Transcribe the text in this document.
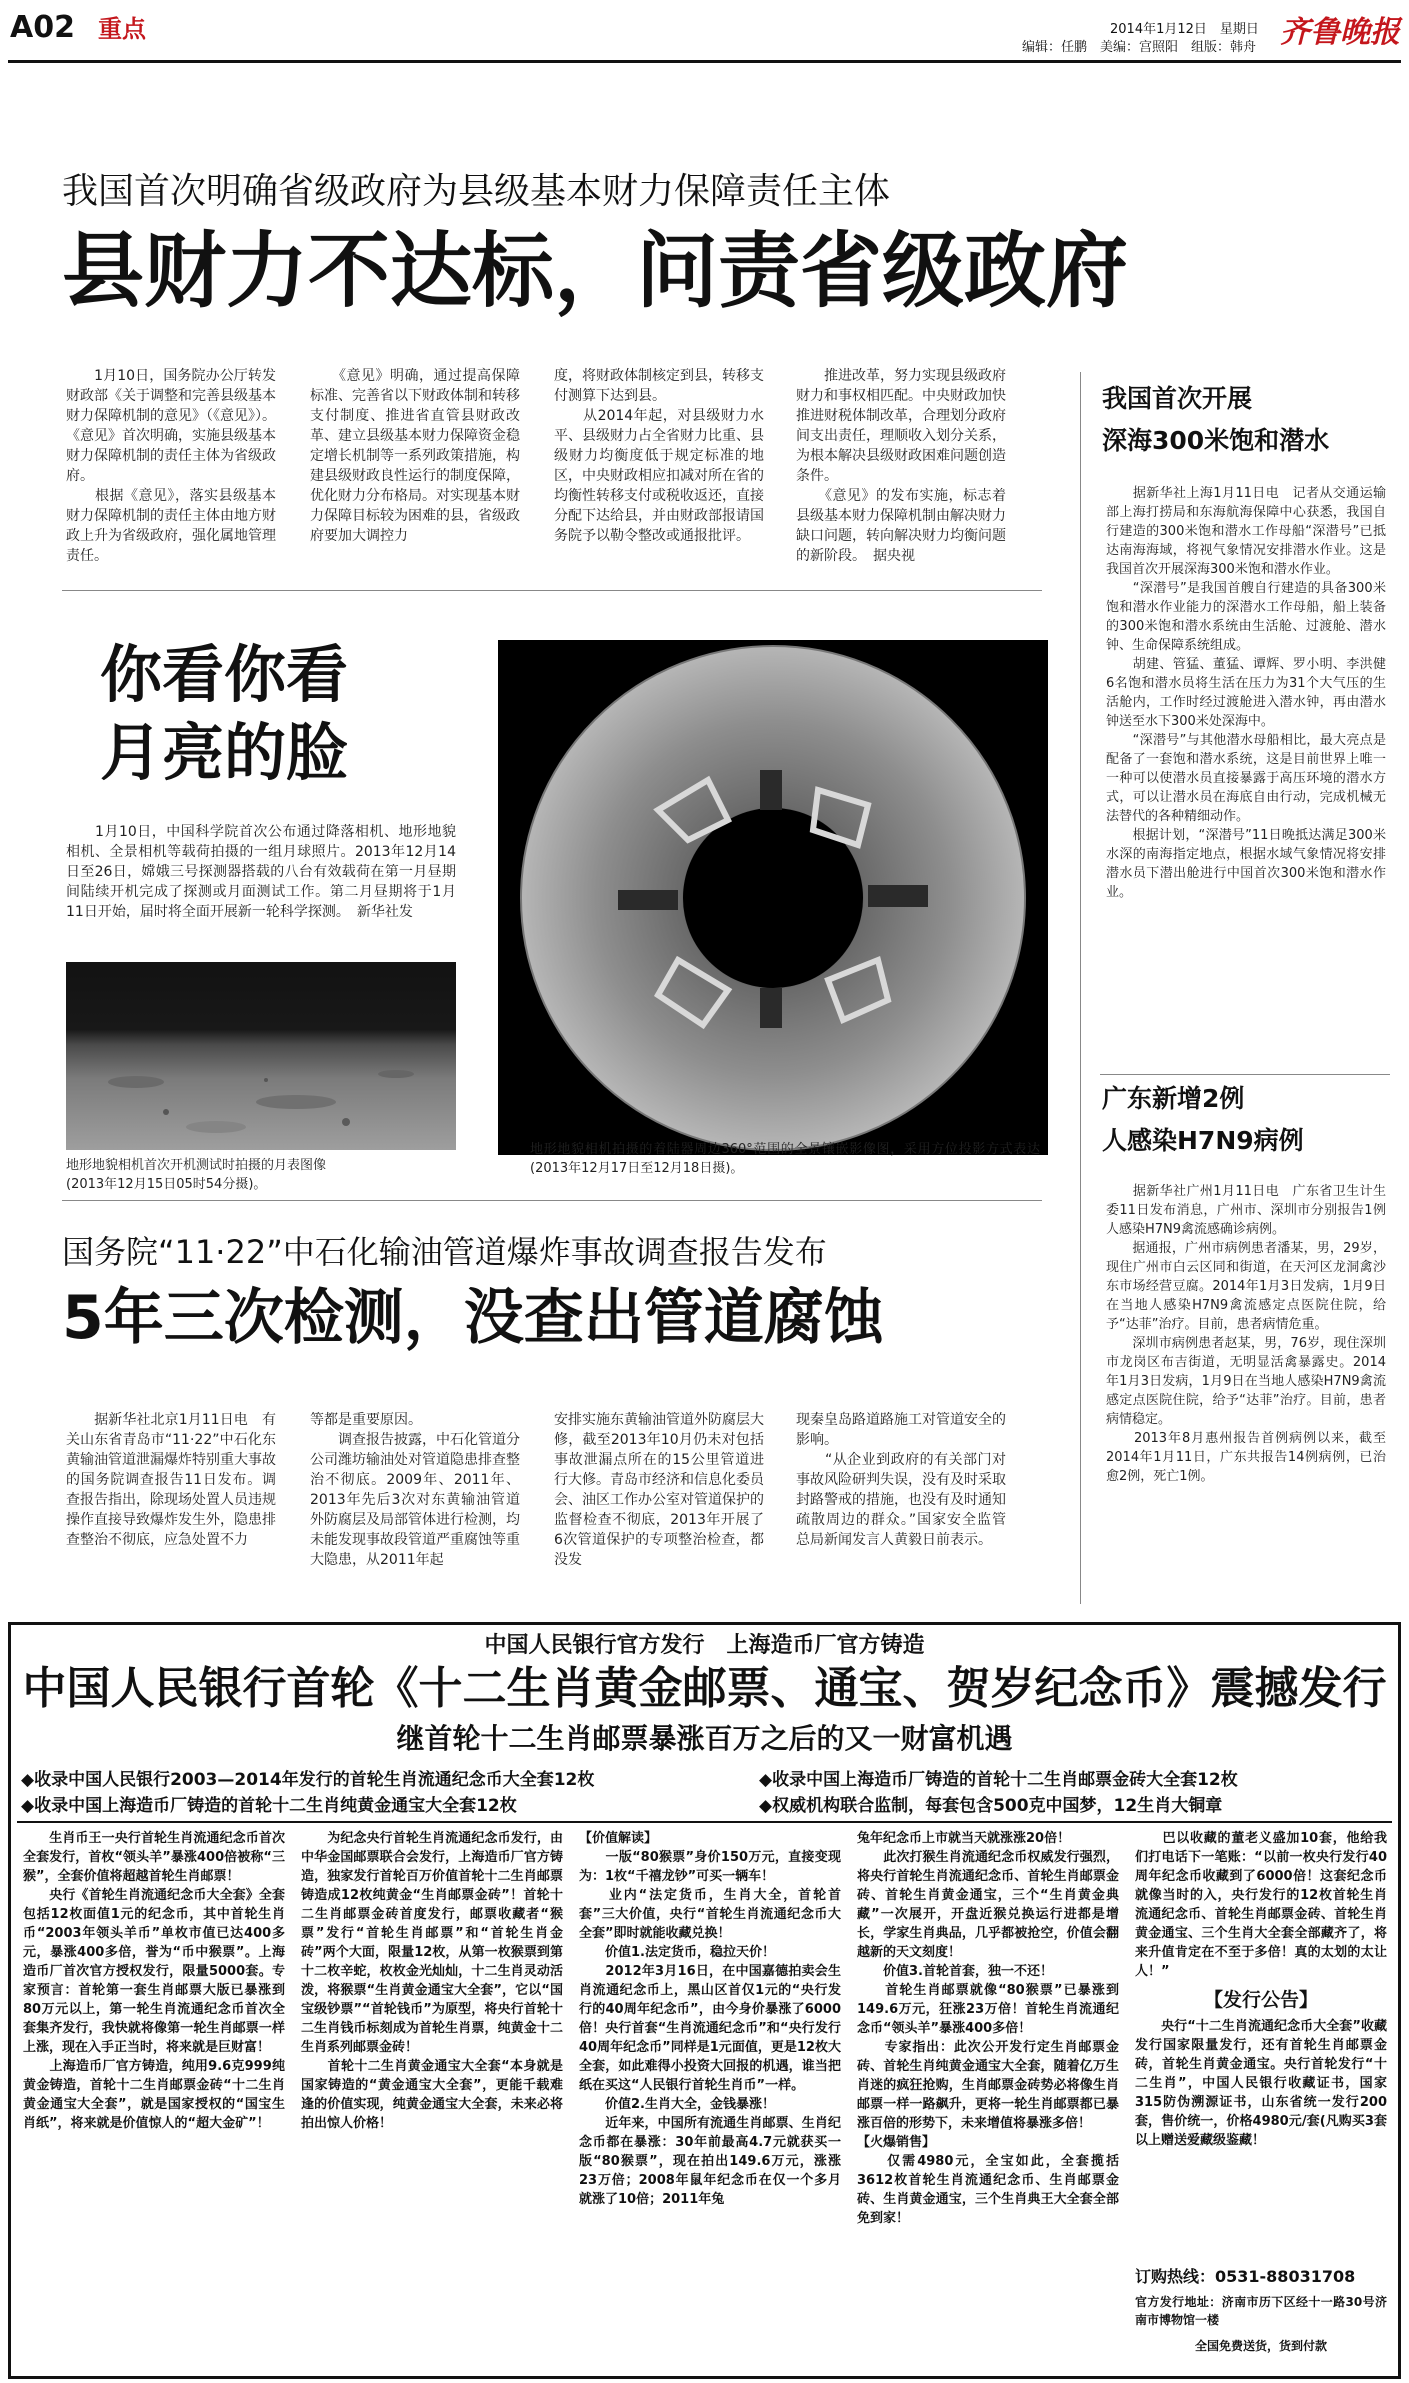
A02 重点	2014年1月12日　星期日
编辑：任鹏　美编：宫照阳　组版：韩舟 齐鲁晚报
我国首次明确省级政府为县级基本财力保障责任主体
县财力不达标，问责省级政府
　　1月10日，国务院办公厅转发财政部《关于调整和完善县级基本财力保障机制的意见》（《意见》）。《意见》首次明确，实施县级基本财力保障机制的责任主体为省级政府。
　　根据《意见》，落实县级基本财力保障机制的责任主体由地方财政上升为省级政府，强化属地管理责任。
　　《意见》明确，通过提高保障标准、完善省以下财政体制和转移支付制度、推进省直管县财政改革、建立县级基本财力保障资金稳定增长机制等一系列政策措施，构建县级财政良性运行的制度保障，优化财力分布格局。对实现基本财力保障目标较为困难的县，省级政府要加大调控力
度，将财政体制核定到县，转移支付测算下达到县。
　　从2014年起，对县级财力水平、县级财力占全省财力比重、县级财力均衡度低于规定标准的地区，中央财政相应扣减对所在省的均衡性转移支付或税收返还，直接分配下达给县，并由财政部报请国务院予以勒令整改或通报批评。
　　推进改革，努力实现县级政府财力和事权相匹配。中央财政加快推进财税体制改革，合理划分政府间支出责任，理顺收入划分关系，为根本解决县级财政困难问题创造条件。
　　《意见》的发布实施，标志着县级基本财力保障机制由解决财力缺口问题，转向解决财力均衡问题的新阶段。　据央视
你看你看
月亮的脸
　　1月10日，中国科学院首次公布通过降落相机、地形地貌相机、全景相机等载荷拍摄的一组月球照片。2013年12月14日至26日，嫦娥三号探测器搭载的八台有效载荷在第一月昼期间陆续开机完成了探测或月面测试工作。第二月昼期将于1月11日开始，届时将全面开展新一轮科学探测。　新华社发
地形地貌相机首次开机测试时拍摄的月表图像
(2013年12月15日05时54分摄)。
地形地貌相机拍摄的着陆器周边360°范围的全景镶嵌影像图，采用方位投影方式表达(2013年12月17日至12月18日摄)。
国务院“11·22”中石化输油管道爆炸事故调查报告发布
5年三次检测，没查出管道腐蚀
　　据新华社北京1月11日电　有关山东省青岛市“11·22”中石化东黄输油管道泄漏爆炸特别重大事故的国务院调查报告11日发布。调查报告指出，除现场处置人员违规操作直接导致爆炸发生外，隐患排查整治不彻底，应急处置不力
等都是重要原因。
　　调查报告披露，中石化管道分公司潍坊输油处对管道隐患排查整治不彻底。2009年、2011年、2013年先后3次对东黄输油管道外防腐层及局部管体进行检测，均未能发现事故段管道严重腐蚀等重大隐患，从2011年起
安排实施东黄输油管道外防腐层大修，截至2013年10月仍未对包括事故泄漏点所在的15公里管道进行大修。青岛市经济和信息化委员会、油区工作办公室对管道保护的监督检查不彻底，2013年开展了6次管道保护的专项整治检查，都没发
现秦皇岛路道路施工对管道安全的影响。
　　“从企业到政府的有关部门对事故风险研判失误，没有及时采取封路警戒的措施，也没有及时通知疏散周边的群众。”国家安全监管总局新闻发言人黄毅日前表示。
我国首次开展
深海300米饱和潜水
　　据新华社上海1月11日电　记者从交通运输部上海打捞局和东海航海保障中心获悉，我国自行建造的300米饱和潜水工作母船“深潜号”已抵达南海海域，将视气象情况安排潜水作业。这是我国首次开展深海300米饱和潜水作业。
　　“深潜号”是我国首艘自行建造的具备300米饱和潜水作业能力的深潜水工作母船，船上装备的300米饱和潜水系统由生活舱、过渡舱、潜水钟、生命保障系统组成。
　　胡建、管猛、董猛、谭辉、罗小明、李洪健6名饱和潜水员将生活在压力为31个大气压的生活舱内，工作时经过渡舱进入潜水钟，再由潜水钟送至水下300米处深海中。
　　“深潜号”与其他潜水母船相比，最大亮点是配备了一套饱和潜水系统，这是目前世界上唯一一种可以使潜水员直接暴露于高压环境的潜水方式，可以让潜水员在海底自由行动，完成机械无法替代的各种精细动作。
　　根据计划，“深潜号”11日晚抵达满足300米水深的南海指定地点，根据水域气象情况将安排潜水员下潜出舱进行中国首次300米饱和潜水作业。
广东新增2例
人感染H7N9病例
　　据新华社广州1月11日电　广东省卫生计生委11日发布消息，广州市、深圳市分别报告1例人感染H7N9禽流感确诊病例。
　　据通报，广州市病例患者潘某，男，29岁，现住广州市白云区同和街道，在天河区龙洞禽沙东市场经营豆腐。2014年1月3日发病，1月9日在当地人感染H7N9禽流感定点医院住院，给予“达菲”治疗。目前，患者病情危重。
　　深圳市病例患者赵某，男，76岁，现住深圳市龙岗区布吉街道，无明显活禽暴露史。2014年1月3日发病，1月9日在当地人感染H7N9禽流感定点医院住院，给予“达菲”治疗。目前，患者病情稳定。
　　2013年8月惠州报告首例病例以来，截至2014年1月11日，广东共报告14例病例，已治愈2例，死亡1例。
中国人民银行官方发行　上海造币厂官方铸造
中国人民银行首轮《十二生肖黄金邮票、通宝、贺岁纪念币》震撼发行
继首轮十二生肖邮票暴涨百万之后的又一财富机遇
◆收录中国人民银行2003—2014年发行的首轮生肖流通纪念币大全套12枚	◆收录中国上海造币厂铸造的首轮十二生肖邮票金砖大全套12枚
◆收录中国上海造币厂铸造的首轮十二生肖纯黄金通宝大全套12枚	◆权威机构联合监制，每套包含500克中国梦，12生肖大铜章
　　生肖币王一央行首轮生肖流通纪念币首次全套发行，首枚“领头羊”暴涨400倍被称“三猴”，全套价值将超越首轮生肖邮票！
　　央行《首轮生肖流通纪念币大全套》全套包括12枚面值1元的纪念币，其中首轮生肖币“2003年领头羊币”单枚市值已达400多元，暴涨400多倍，誉为“币中猴票”。上海造币厂首次官方授权发行，限量5000套。专家预言：首轮第一套生肖邮票大版已暴涨到80万元以上，第一轮生肖流通纪念币首次全套集齐发行，我快就将像第一轮生肖邮票一样上涨，现在入手正当时，将来就是巨财富！
　　上海造币厂官方铸造，纯用9.6克999纯黄金铸造，首轮十二生肖邮票金砖“十二生肖黄金通宝大全套”，就是国家授权的“国宝生肖纸”，将来就是价值惊人的“超大金矿”！
　　为纪念央行首轮生肖流通纪念币发行，由中华金国邮票联合会发行，上海造币厂官方铸造，独家发行首轮百万价值首轮十二生肖邮票铸造成12枚纯黄金“生肖邮票金砖”！首轮十二生肖邮票金砖首度发行，邮票收藏者“猴票”发行“首轮生肖邮票”和“首轮生肖金砖”两个大面，限量12枚，从第一枚猴票到第十二枚辛蛇，枚枚金光灿灿，十二生肖灵动活泼，将猴票“生肖黄金通宝大全套”，它以“国宝级钞票”“首轮钱币”为原型，将央行首轮十二生肖钱币标刻成为首轮生肖票，纯黄金十二生肖系列邮票金砖！
　　首轮十二生肖黄金通宝大全套“本身就是国家铸造的“黄金通宝大全套”，更能千载难逢的价值实现，纯黄金通宝大全套，未来必将拍出惊人价格！
【价值解读】
　　一版“80猴票”身价150万元，直接变现为：1枚“千禧龙钞”可买一辆车！
　　业内“法定货币，生肖大全，首轮首套”三大价值，央行“首轮生肖流通纪念币大全套”即时就能收藏兑换！
　　价值1.法定货币，稳拉天价！
　　2012年3月16日，在中国嘉德拍卖会生肖流通纪念币上，黑山区首仅1元的“央行发行的40周年纪念币”，由今身价暴涨了6000倍！央行首套“生肖流通纪念币”和“央行发行40周年纪念币”同样是1元面值，更是12枚大全套，如此难得小投资大回报的机遇，谁当把纸在买这“人民银行首轮生肖币”一样。
　　价值2.生肖大全，金钱暴涨！
　　近年来，中国所有流通生肖邮票、生肖纪念币都在暴涨：30年前最高4.7元就获买一版“80猴票”，现在拍出149.6万元，涨涨23万倍；2008年鼠年纪念币在仅一个多月就涨了10倍；2011年兔
兔年纪念币上市就当天就涨涨20倍！
　　此次打猴生肖流通纪念币权威发行强烈，将央行首轮生肖流通纪念币、首轮生肖邮票金砖、首轮生肖黄金通宝，三个“生肖黄金典藏”一次展开，开盘近猴兑换运行进都是增长，学家生肖典品，几乎都被抢空，价值会翻越新的天文刻度！
　　价值3.首轮首套，独一不还！
　　首轮生肖邮票就像“80猴票”已暴涨到149.6万元，狂涨23万倍！首轮生肖流通纪念币“领头羊”暴涨400多倍！
　　专家指出：此次公开发行定生肖邮票金砖、首轮生肖纯黄金通宝大全套，随着亿万生肖迷的疯狂抢购，生肖邮票金砖势必将像生肖邮票一样一路飙升，更将一轮生肖邮票都已暴涨百倍的形势下，未来增值将暴涨多倍！
【火爆销售】
　　仅需4980元，全宝如此，全套揽括3612枚首轮生肖流通纪念币、生肖邮票金砖、生肖黄金通宝，三个生肖典王大全套全部免到家！
　　巴以收藏的董老义盛加10套，他给我们打电话下一笔账：“以前一枚央行发行40周年纪念币收藏到了6000倍！这套纪念币就像当时的入，央行发行的12枚首轮生肖流通纪念币、首轮生肖邮票金砖、首轮生肖黄金通宝、三个生肖大全套全部藏齐了，将来升值肯定在不至于多倍！真的太划的太让人！”
【发行公告】
　　央行“十二生肖流通纪念币大全套”收藏发行国家限量发行，还有首轮生肖邮票金砖，首轮生肖黄金通宝。央行首轮发行“十二生肖”，中国人民银行收藏证书，国家315防伪溯源证书，山东省统一发行200套，售价统一，价格4980元/套(凡购买3套以上赠送爱藏级鉴藏！
订购热线：0531-88031708
官方发行地址：济南市历下区经十一路30号济南市博物馆一楼
全国免费送货，货到付款
